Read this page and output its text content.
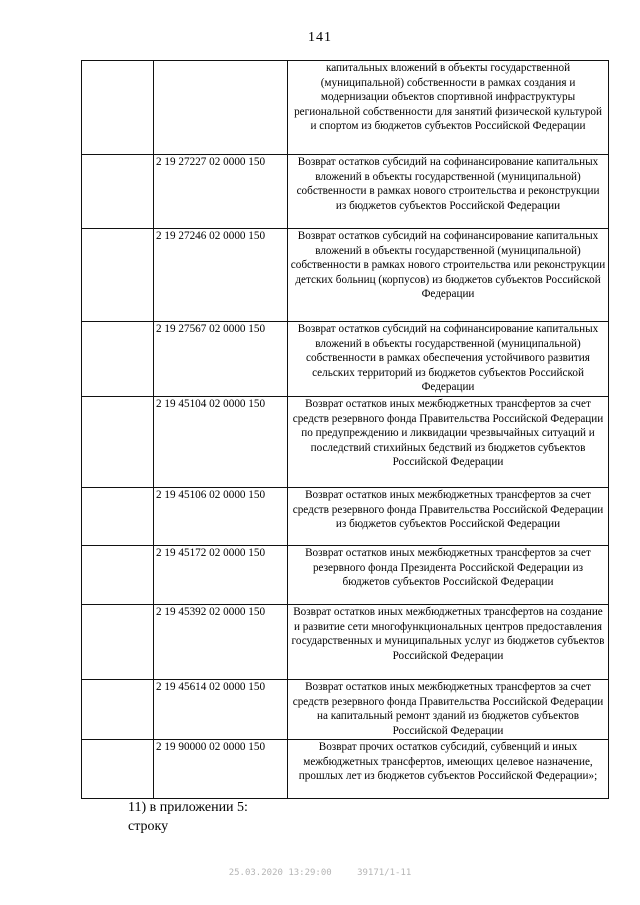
141
		капитальных вложений в объекты государственной (муниципальной) собственности в рамках создания и модернизации объектов спортивной инфраструктуры региональной собственности для занятий физической культурой и спортом из бюджетов субъектов Российской Федерации
	2 19 27227 02 0000 150	Возврат остатков субсидий на софинансирование капитальных вложений в объекты государственной (муниципальной) собственности в рамках нового строительства и реконструкции из бюджетов субъектов Российской Федерации
	2 19 27246 02 0000 150	Возврат остатков субсидий на софинансирование капитальных вложений в объекты государственной (муниципальной) собственности в рамках нового строительства или реконструкции детских больниц (корпусов) из бюджетов субъектов Российской Федерации
	2 19 27567 02 0000 150	Возврат остатков субсидий на софинансирование капитальных вложений в объекты государственной (муниципальной) собственности в рамках обеспечения устойчивого развития сельских территорий из бюджетов субъектов Российской Федерации
	2 19 45104 02 0000 150	Возврат остатков иных межбюджетных трансфертов за счет средств резервного фонда Правительства Российской Федерации по предупреждению и ликвидации чрезвычайных ситуаций и последствий стихийных бедствий из бюджетов субъектов Российской Федерации
	2 19 45106 02 0000 150	Возврат остатков иных межбюджетных трансфертов за счет средств резервного фонда Правительства Российской Федерации из бюджетов субъектов Российской Федерации
	2 19 45172 02 0000 150	Возврат остатков иных межбюджетных трансфертов за счет резервного фонда Президента Российской Федерации из бюджетов субъектов Российской Федерации
	2 19 45392 02 0000 150	Возврат остатков иных межбюджетных трансфертов на создание и развитие сети многофункциональных центров предоставления государственных и муниципальных услуг из бюджетов субъектов Российской Федерации
	2 19 45614 02 0000 150	Возврат остатков иных межбюджетных трансфертов за счет средств резервного фонда Правительства Российской Федерации на капитальный ремонт зданий из бюджетов субъектов Российской Федерации
	2 19 90000 02 0000 150	Возврат прочих остатков субсидий, субвенций и иных межбюджетных трансфертов, имеющих целевое назначение, прошлых лет из бюджетов субъектов Российской Федерации»;
11) в приложении 5:
строку
25.03.2020 13:29:00	39171/1-11
